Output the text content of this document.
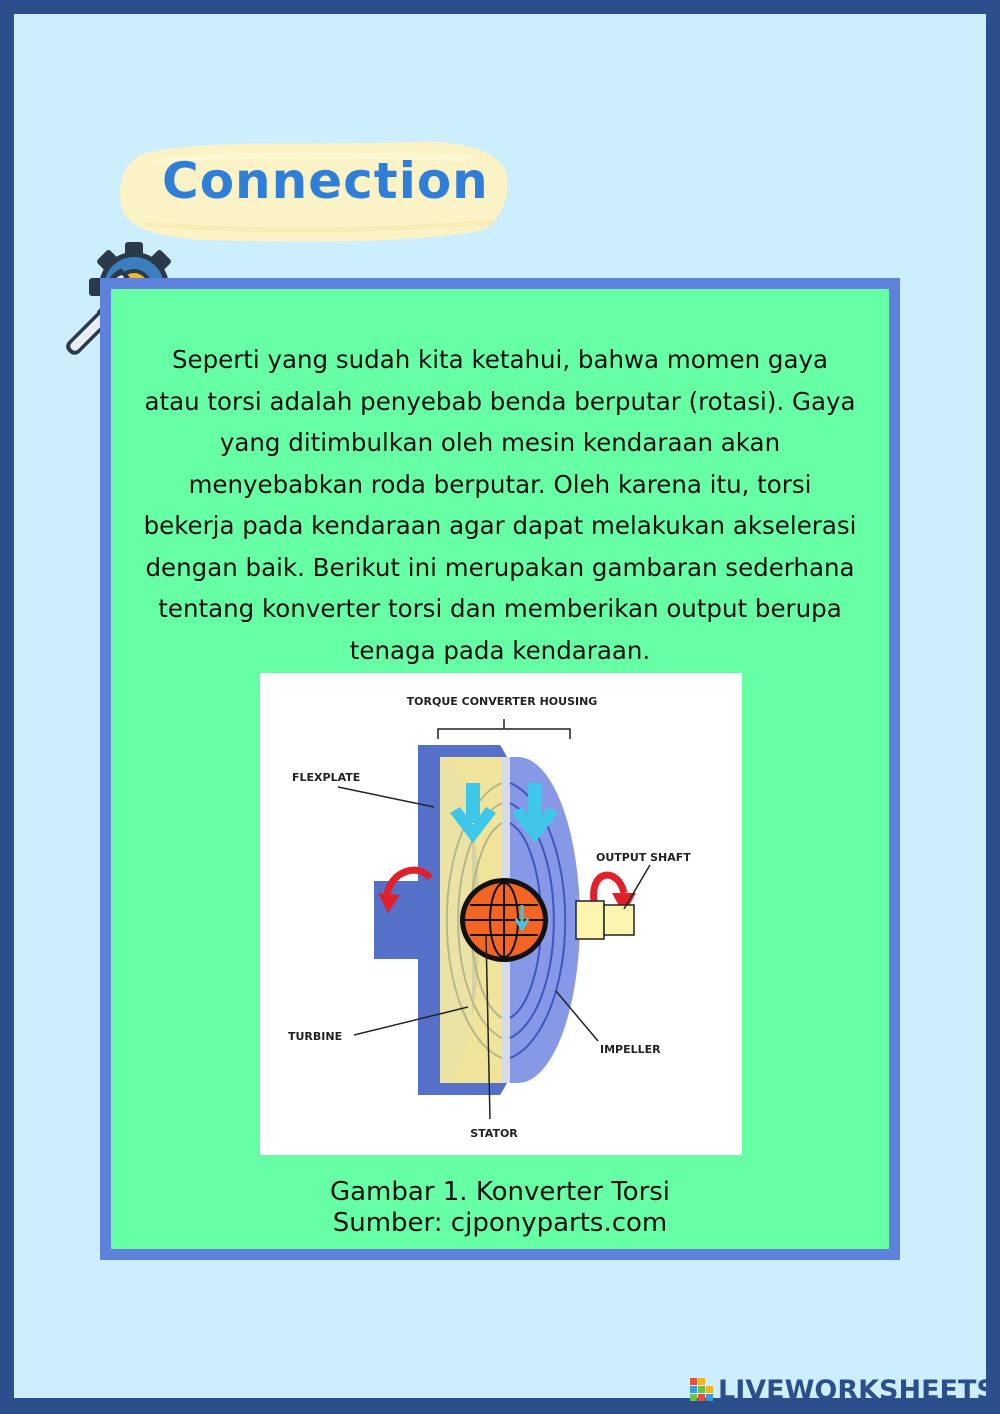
Connection

Seperti yang sudah kita ketahui, bahwa momen gaya atau torsi adalah penyebab benda berputar (rotasi). Gaya yang ditimbulkan oleh mesin kendaraan akan menyebabkan roda berputar. Oleh karena itu, torsi bekerja pada kendaraan agar dapat melakukan akselerasi dengan baik. Berikut ini merupakan gambaran sederhana tentang konverter torsi dan memberikan output berupa tenaga pada kendaraan.

TORQUE CONVERTER HOUSING
FLEXPLATE
OUTPUT SHAFT
TURBINE
IMPELLER
STATOR
Gambar 1. Konverter Torsi
Sumber: cjponyparts.com
LIVEWORKSHEETS
